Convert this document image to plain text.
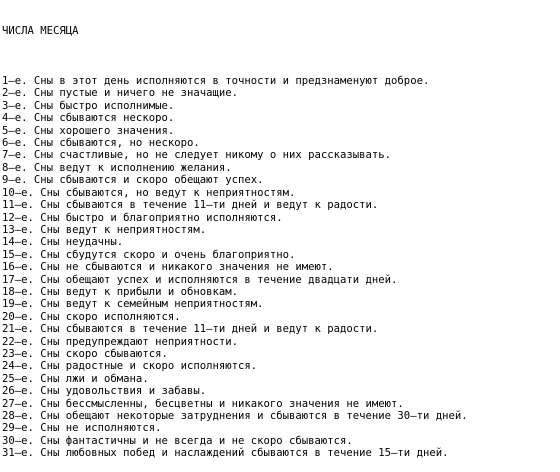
ЧИСЛА МЕСЯЦА

1–е. Сны в этот день исполняются в точности и предзнаменуют доброе.
2–е. Сны пустые и ничего не значащие.
3–е. Сны быстро исполнимые.
4–е. Сны сбываются нескоро.
5–е. Сны хорошего значения.
6–е. Сны сбываются, но нескоро.
7–е. Сны счастливые, но не следует никому о них рассказывать.
8–е. Сны ведут к исполнению желания.
9–е. Сны сбываются и скоро обещают успех.
10–е. Сны сбываются, но ведут к неприятностям.
11–е. Сны сбываются в течение 11–ти дней и ведут к радости.
12–е. Сны быстро и благоприятно исполняются.
13–е. Сны ведут к неприятностям.
14–е. Сны неудачны.
15–е. Сны сбудутся скоро и очень благоприятно.
16–е. Сны не сбываются и никакого значения не имеют.
17–е. Сны обещают успех и исполняются в течение двадцати дней.
18–е. Сны ведут к прибыли и обновкам.
19–е. Сны ведут к семейным неприятностям.
20–е. Сны скоро исполняются.
21–е. Сны сбываются в течение 11–ти дней и ведут к радости.
22–е. Сны предупреждают неприятности.
23–е. Сны скоро сбываются.
24–е. Сны радостные и скоро исполняются.
25–е. Сны лжи и обмана.
26–е. Сны удовольствия и забавы.
27–е. Сны бессмысленны, бесцветны и никакого значения не имеют.
28–е. Сны обещают некоторые затруднения и сбываются в течение 30–ти дней.
29–е. Сны не исполняются.
30–е. Сны фантастичны и не всегда и не скоро сбываются.
31–е. Сны любовных побед и наслаждений сбываются в течение 15–ти дней.
